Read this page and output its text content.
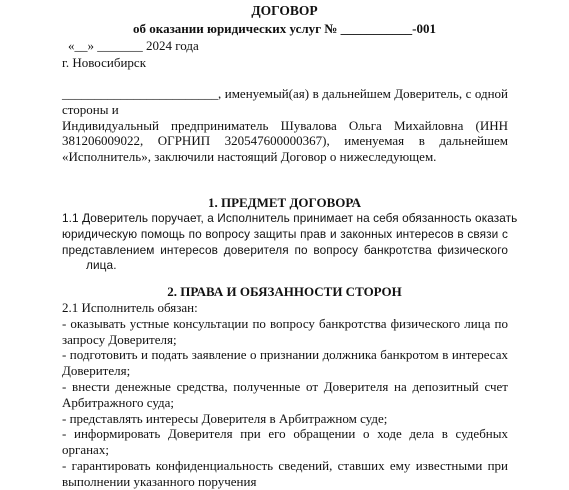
ДОГОВОР
об оказании юридических услуг № ___________-001
«__» _______ 2024 года
г. Новосибирск
________________________, именуемый(ая) в дальнейшем Доверитель, с одной
стороны и
Индивидуальный предприниматель Шувалова Ольга Михайловна (ИНН
381206009022, ОГРНИП 320547600000367), именуемая в дальнейшем
«Исполнитель», заключили настоящий Договор о нижеследующем.
1. ПРЕДМЕТ ДОГОВОРА
1.1 Доверитель поручает, а Исполнитель принимает на себя обязанность оказать
юридическую помощь по вопросу защиты прав и законных интересов в связи с
представлением интересов доверителя по вопросу банкротства физического
лица.
2. ПРАВА И ОБЯЗАННОСТИ СТОРОН
2.1 Исполнитель обязан:
- оказывать устные консультации по вопросу банкротства физического лица по
запросу Доверителя;
- подготовить и подать заявление о признании должника банкротом в интересах
Доверителя;
- внести денежные средства, полученные от Доверителя на депозитный счет
Арбитражного суда;
- представлять интересы Доверителя в Арбитражном суде;
- информировать Доверителя при его обращении о ходе дела в судебных
органах;
- гарантировать конфиденциальность сведений, ставших ему известными при
выполнении указанного поручения
